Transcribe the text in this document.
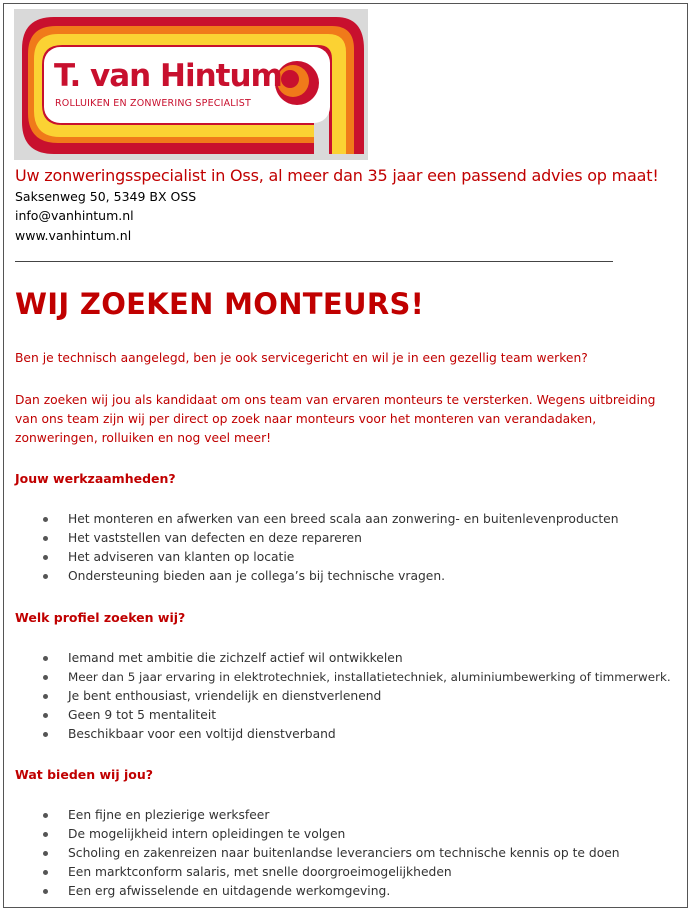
T. van Hintum
ROLLUIKEN EN ZONWERING SPECIALIST
Uw zonweringsspecialist in Oss, al meer dan 35 jaar een passend advies op maat!
Saksenweg 50, 5349 BX OSS
info@vanhintum.nl
www.vanhintum.nl
WIJ ZOEKEN MONTEURS!
Ben je technisch aangelegd, ben je ook servicegericht en wil je in een gezellig team werken?
Dan zoeken wij jou als kandidaat om ons team van ervaren monteurs te versterken. Wegens uitbreiding van ons team zijn wij per direct op zoek naar monteurs voor het monteren van verandadaken, zonweringen, rolluiken en nog veel meer!
Jouw werkzaamheden?
Het monteren en afwerken van een breed scala aan zonwering- en buitenlevenproducten
Het vaststellen van defecten en deze repareren
Het adviseren van klanten op locatie
Ondersteuning bieden aan je collega’s bij technische vragen.
Welk profiel zoeken wij?
Iemand met ambitie die zichzelf actief wil ontwikkelen
Meer dan 5 jaar ervaring in elektrotechniek, installatietechniek, aluminiumbewerking of timmerwerk.
Je bent enthousiast, vriendelijk en dienstverlenend
Geen 9 tot 5 mentaliteit
Beschikbaar voor een voltijd dienstverband
Wat bieden wij jou?
Een fijne en plezierige werksfeer
De mogelijkheid intern opleidingen te volgen
Scholing en zakenreizen naar buitenlandse leveranciers om technische kennis op te doen
Een marktconform salaris, met snelle doorgroeimogelijkheden
Een erg afwisselende en uitdagende werkomgeving.
